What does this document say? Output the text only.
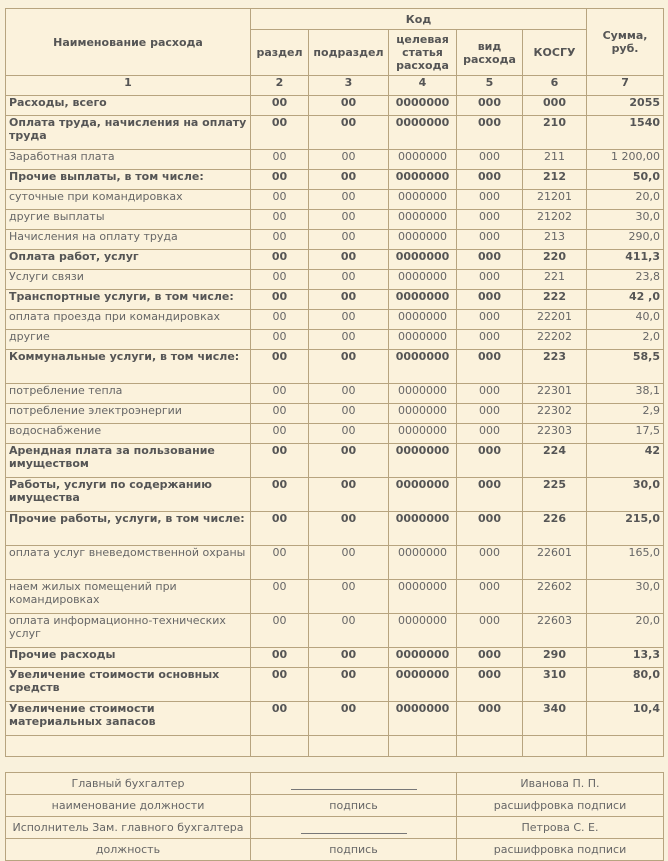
Наименование расхода	Код					Сумма, руб.
	раздел	подраздел	целевая статья расхода	вид расхода	КОСГУ	
1	2	3	4	5	6	7
Расходы, всего	00	00	0000000	000	000	2055
Оплата труда, начисления на оплату труда	00	00	0000000	000	210	1540
Заработная плата	00	00	0000000	000	211	1 200,00
Прочие выплаты, в том числе:	00	00	0000000	000	212	50,0
суточные при командировках	00	00	0000000	000	21201	20,0
другие выплаты	00	00	0000000	000	21202	30,0
Начисления на оплату труда	00	00	0000000	000	213	290,0
Оплата работ, услуг	00	00	0000000	000	220	411,3
Услуги связи	00	00	0000000	000	221	23,8
Транспортные услуги, в том числе:	00	00	0000000	000	222	42 ,0
оплата проезда при командировках	00	00	0000000	000	22201	40,0
другие	00	00	0000000	000	22202	2,0
Коммунальные услуги, в том числе:	00	00	0000000	000	223	58,5
потребление тепла	00	00	0000000	000	22301	38,1
потребление электроэнергии	00	00	0000000	000	22302	2,9
водоснабжение	00	00	0000000	000	22303	17,5
Арендная плата за пользование имуществом	00	00	0000000	000	224	42
Работы, услуги по содержанию имущества	00	00	0000000	000	225	30,0
Прочие работы, услуги, в том числе:	00	00	0000000	000	226	215,0
оплата услуг вневедомственной охраны	00	00	0000000	000	22601	165,0
наем жилых помещений при командировках	00	00	0000000	000	22602	30,0
оплата информационно-технических услуг	00	00	0000000	000	22603	20,0
Прочие расходы	00	00	0000000	000	290	13,3
Увеличение стоимости основных средств	00	00	0000000	000	310	80,0
Увеличение стоимости материальных запасов	00	00	0000000	000	340	10,4

Главный бухгалтер		Иванова П. П.
наименование должности	подпись	расшифровка подписи
Исполнитель Зам. главного бухгалтера		Петрова С. Е.
должность	подпись	расшифровка подписи
